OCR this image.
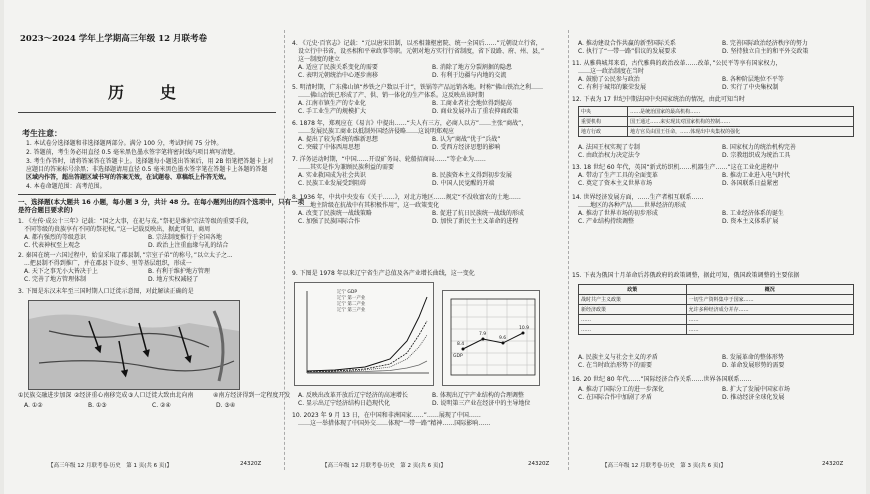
2023～2024 学年上学期高三年级 12 月联考卷
历　史
考生注意：
1. 本试卷分选择题和非选择题两部分。满分 100 分，考试时间 75 分钟。
2. 答题前，考生务必用直径 0.5 毫米黑色墨水签字笔将密封线内项目填写清楚。
3. 考生作答时，请将答案答在答题卡上。选择题每小题选出答案后，用 2B 铅笔把答题卡上对
应题目的答案标号涂黑；非选择题请用直径 0.5 毫米黑色墨水签字笔在答题卡上各题的答题
区域内作答，超出答题区域书写的答案无效，在试题卷、草稿纸上作答无效。
4. 本卷命题范围：高考范围。
一、选择题(本大题共 16 小题，每小题 3 分，共计 48 分。在每小题列出的四个选项中，只有一项
是符合题目要求的)
1. 《左传·成公十三年》记载：“国之大事，在祀与戎。”祭祀是维护宗法等级的重要手段，
不同等级的贵族享有不同的祭祀权。”这一记载反映出，据此可知，商周
A. 都有强烈的等级意识	B. 宗法制度推行于全国各地
C. 代表神权至上观念	D. 政治上注重血缘与礼的结合
2. 秦国在统一六国过程中，始皇采取了郡县制，”宗室子弟”的称号，”以立太子之...
...把县制不得到推广，并在郡县下设乡、里等基层组织，形成一
A. 天下之事无小大皆决于上	B. 有利于维护地方管理
C. 完善了地方管理体制	D. 地方实权减轻了
3. 下图是东汉末年至三国时期人口迁徙示意图，对此解读正确的是
①民族交融进步加深 ②经济重心南移完成 ③人口迁徙大致由北向南	④南方经济得到一定程度开发
A. ①②	B. ①③	C. ②④	D. ③④
【高三年级 12 月联考卷·历史　第 1 页(共 6 页)】	24320Z
4. 《元史·百官志》记载：“元以唐宋旧制，以丞相兼枢密院、统一全国后……”元朝设立行省，
设立行中书省，设丞相和平章政事等职。元朝对地方实行行省制度，省下设路、府、州、县，”
这一制度的建立
A. 适应了民族关系变化的需要	B. 消除了地方分裂割据的隐患
C. 表明元朝统治中心逐步南移	D. 有利于边疆与内地的交流
5. 明清时期，广东佛山镇“炒铁之户数以千计”，铁锅等产品远销各地。时称“佛山铁冶之利……
……佛山冶铁已形成了产、供、销一体化的生产体系。这反映出该时期
A. 江南市镇生产的专业化	B. 工商业者社会地位得到提高
C. 手工业生产的规模扩大	D. 商业发展冲击了重农抑商政策
6. 1878 年，郑观应在《易言》中提出……“夫人有三方，必商人以方”……主张“商战”，
……发展民族工商业以抵制外国经济侵略……这说明郑观应
A. 提出了较为系统的维新思想	B. 认为“商战”优于“兵战”
C. 突破了中体西用思想	D. 受西方经济思想的影响
7. 洋务运动时期，“中国……开设矿务局、轮船招商局……”等企业为……
……其实是作为兼顾民族利益的需要
A. 实业救国成为社会共识	B. 民族资本主义得到初步发展
C. 民族工业发展受到阻碍	D. 中国人民觉醒的开端
8. 1936 年，中共中央发布《关于……》，对北方地区……规定“不没收富农的土地……
……地主阶级在抗战中有其积极作用”，这一政策变化
A. 改变了民族统一战线策略	B. 促进了抗日民族统一战线的形成
C. 加强了民族国际合作	D. 加快了新民主主义革命的进程
9. 下图是 1978 年以来辽宁省生产总值及各产业增长曲线，这一变化
辽宁 GDP
辽宁 第一产业
辽宁 第二产业
辽宁 第三产业
GDP
8.4
7.9
9.6
10.9
A. 反映出改革开放后辽宁经济的高速增长	B. 体现出辽宁产业结构的合理调整
C. 显示出辽宁经济结构日趋现代化	D. 说明第三产业在经济中的主导地位
10. 2023 年 9 月 13 日，在中国和非洲国家……”……展现了中国……
……这一举措体现了中国外交……体现“一带一路”精神……国际影响……
【高三年级 12 月联考卷·历史　第 2 页(共 6 页)】	24320Z
A. 推动建设合作共赢的新型国际关系	B. 完善国际政治经济秩序的努力
C. 执行了“一带一路”倡议的发展要求	D. 坚持独立自主的和平外交政策
11. 从雅典城邦来看，古代雅典的政治改革……改革，”公民平等享有国家权力，
……这一政治制度在当时
A. 鼓励了公民参与政治	B. 各种阶层地位不平等
C. 有利于城邦的繁荣发展	D. 实行了中央集权制
12. 下表为 17 世纪中期法国中央国家统治的情况，由此可知当时
中央	……是统治国家的最高机构……
重要机构	国王通过……来实现其对国家机构的控制……
地方行政	地方官员由国王任命，……体现出中央集权的强化
A. 法国王权实现了专制	B. 国家权力的统治机构完善
C. 由政治权力决定法令	D. 宗教组织成为统治工具
13. 18 世纪 60 年代，英国“新式纺织机……机器生产……”这在工业化进程中
A. 带动了生产工具的全面变革	B. 推动工业进入电气时代
C. 奠定了资本主义世界市场	D. 各国联系日益紧密
14. 世界经济发展方面，……生产者相互联系……
……地区的各种产品……世界经济的形成
A. 推动了世界市场的初步形成	B. 工业经济体系的诞生
C. 产业结构持续调整	D. 资本主义体系扩展
15. 下表为俄国十月革命后苏俄政府的政策调整，据此可知，俄国政策调整的主要依据
政策	概况
战时共产主义政策	一切生产资料集中于国家……
新经济政策	允许多种经济成分并存……
……	……
……	……
A. 民族主义与社会主义的矛盾	B. 发展革命的整体形势
C. 在当时政治形势下的需要	D. 革命发展形势的需要
16. 20 世纪 80 年代……”国际经济合作关系……世界各国联系……
A. 推动了国际分工的进一步深化	B. 扩大了发展中国家市场
C. 在国际合作中加剧了矛盾	D. 推动经济全球化发展
【高三年级 12 月联考卷·历史　第 3 页(共 6 页)】	24320Z
